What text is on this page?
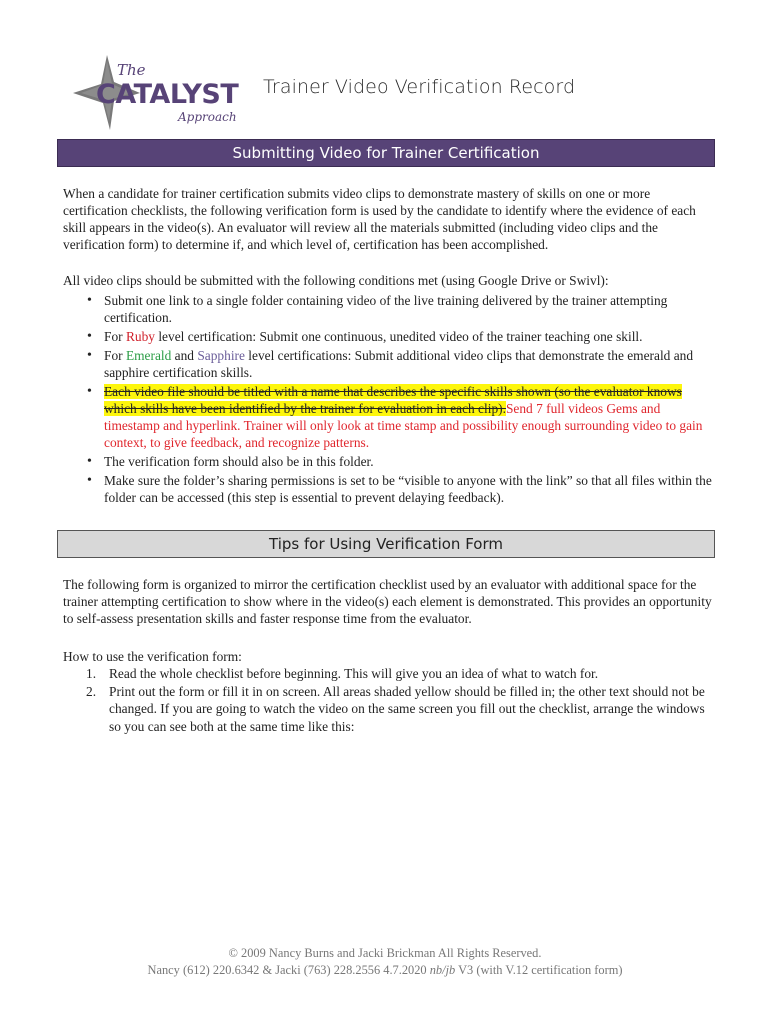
The
CATALYST
Approach
Trainer Video Verification Record
Submitting Video for Trainer Certification

When a candidate for trainer certification submits video clips to demonstrate mastery of skills on one or more certification checklists, the following verification form is used by the candidate to identify where the evidence of each skill appears in the video(s). An evaluator will review all the materials submitted (including video clips and the verification form) to determine if, and which level of, certification has been accomplished.

All video clips should be submitted with the following conditions met (using Google Drive or Swivl):

• Submit one link to a single folder containing video of the live training delivered by the trainer attempting certification.
• For Ruby level certification: Submit one continuous, unedited video of the trainer teaching one skill.
• For Emerald and Sapphire level certifications: Submit additional video clips that demonstrate the emerald and sapphire certification skills.
• Each video file should be titled with a name that describes the specific skills shown (so the evaluator knows which skills have been identified by the trainer for evaluation in each clip).Send 7 full videos Gems and timestamp and hyperlink. Trainer will only look at time stamp and possibility enough surrounding video to gain context, to give feedback, and recognize patterns.
• The verification form should also be in this folder.
• Make sure the folder’s sharing permissions is set to be “visible to anyone with the link” so that all files within the folder can be accessed (this step is essential to prevent delaying feedback).
Tips for Using Verification Form

The following form is organized to mirror the certification checklist used by an evaluator with additional space for the trainer attempting certification to show where in the video(s) each element is demonstrated. This provides an opportunity to self-assess presentation skills and faster response time from the evaluator.

How to use the verification form:

1. Read the whole checklist before beginning. This will give you an idea of what to watch for.
2. Print out the form or fill it in on screen. All areas shaded yellow should be filled in; the other text should not be changed. If you are going to watch the video on the same screen you fill out the checklist, arrange the windows so you can see both at the same time like this:
© 2009 Nancy Burns and Jacki Brickman All Rights Reserved.
Nancy (612) 220.6342 & Jacki (763) 228.2556 4.7.2020 nb/jb V3 (with V.12 certification form)
